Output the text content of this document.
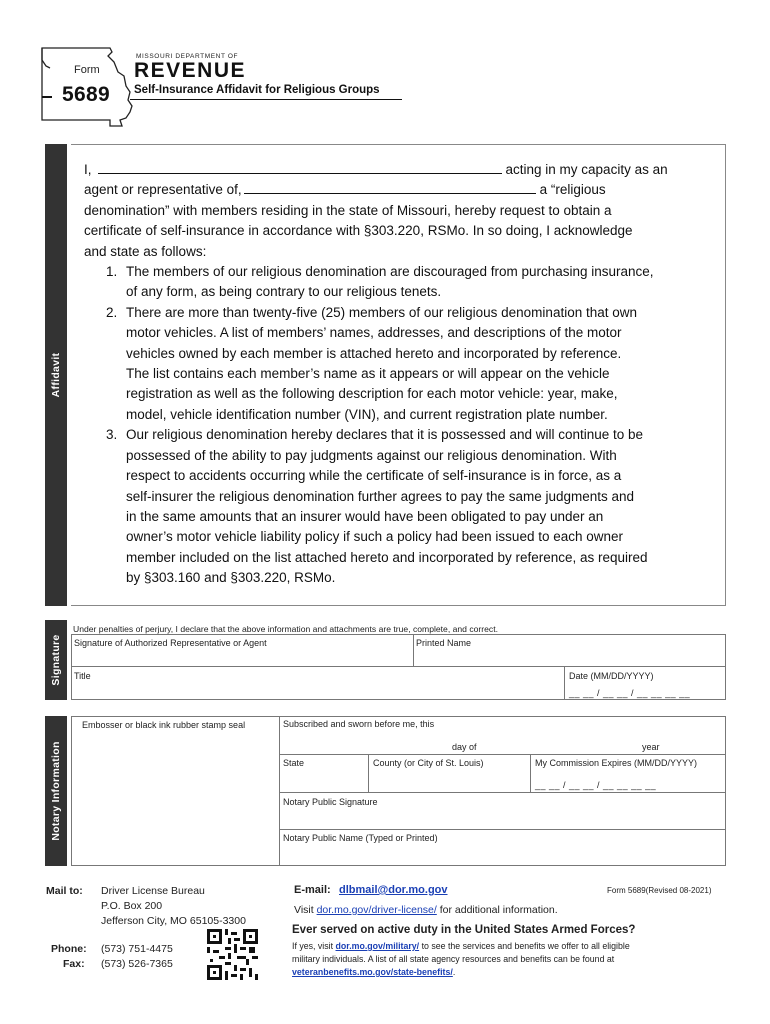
Form
5689
MISSOURI DEPARTMENT OF
REVENUE
Self-Insurance Affidavit for Religious Groups
Affidavit

I,	acting in my capacity as an

agent or representative of,	a “religious

denomination” with members residing in the state of Missouri, hereby request to obtain a

certificate of self-insurance in accordance with §303.220, RSMo. In so doing, I acknowledge

and state as follows:

1. The members of our religious denomination are discouraged from purchasing insurance,
of any form, as being contrary to our religious tenets.
2. There are more than twenty-five (25) members of our religious denomination that own
motor vehicles. A list of members’ names, addresses, and descriptions of the motor
vehicles owned by each member is attached hereto and incorporated by reference.
The list contains each member’s name as it appears or will appear on the vehicle
registration as well as the following description for each motor vehicle: year, make,
model, vehicle identification number (VIN), and current registration plate number.
3. Our religious denomination hereby declares that it is possessed and will continue to be
possessed of the ability to pay judgments against our religious denomination. With
respect to accidents occurring while the certificate of self-insurance is in force, as a
self-insurer the religious denomination further agrees to pay the same judgments and
in the same amounts that an insurer would have been obligated to pay under an
owner’s motor vehicle liability policy if such a policy had been issued to each owner
member included on the list attached hereto and incorporated by reference, as required
by §303.160 and §303.220, RSMo.
Signature
Under penalties of perjury, I declare that the above information and attachments are true, complete, and correct.
Signature of Authorized Representative or Agent	Printed Name
Title	Date (MM/DD/YYYY)
__ __ / __ __ / __ __ __ __
Notary Information
Embosser or black ink rubber stamp seal	Subscribed and sworn before me, this
day of	year
State	County (or City of St. Louis)	My Commission Expires (MM/DD/YYYY)
__ __ / __ __ / __ __ __ __
Notary Public Signature
Notary Public Name (Typed or Printed)
Mail to: Driver License Bureau
P.O. Box 200
Jefferson City, MO 65105-3300
Phone: (573) 751-4475
Fax: (573) 526-7365
E-mail: dlbmail@dor.mo.gov	Form 5689(Revised 08-2021)
Visit dor.mo.gov/driver-license/ for additional information.
Ever served on active duty in the United States Armed Forces?
If yes, visit dor.mo.gov/military/ to see the services and benefits we offer to all eligible
military individuals. A list of all state agency resources and benefits can be found at
veteranbenefits.mo.gov/state-benefits/.
